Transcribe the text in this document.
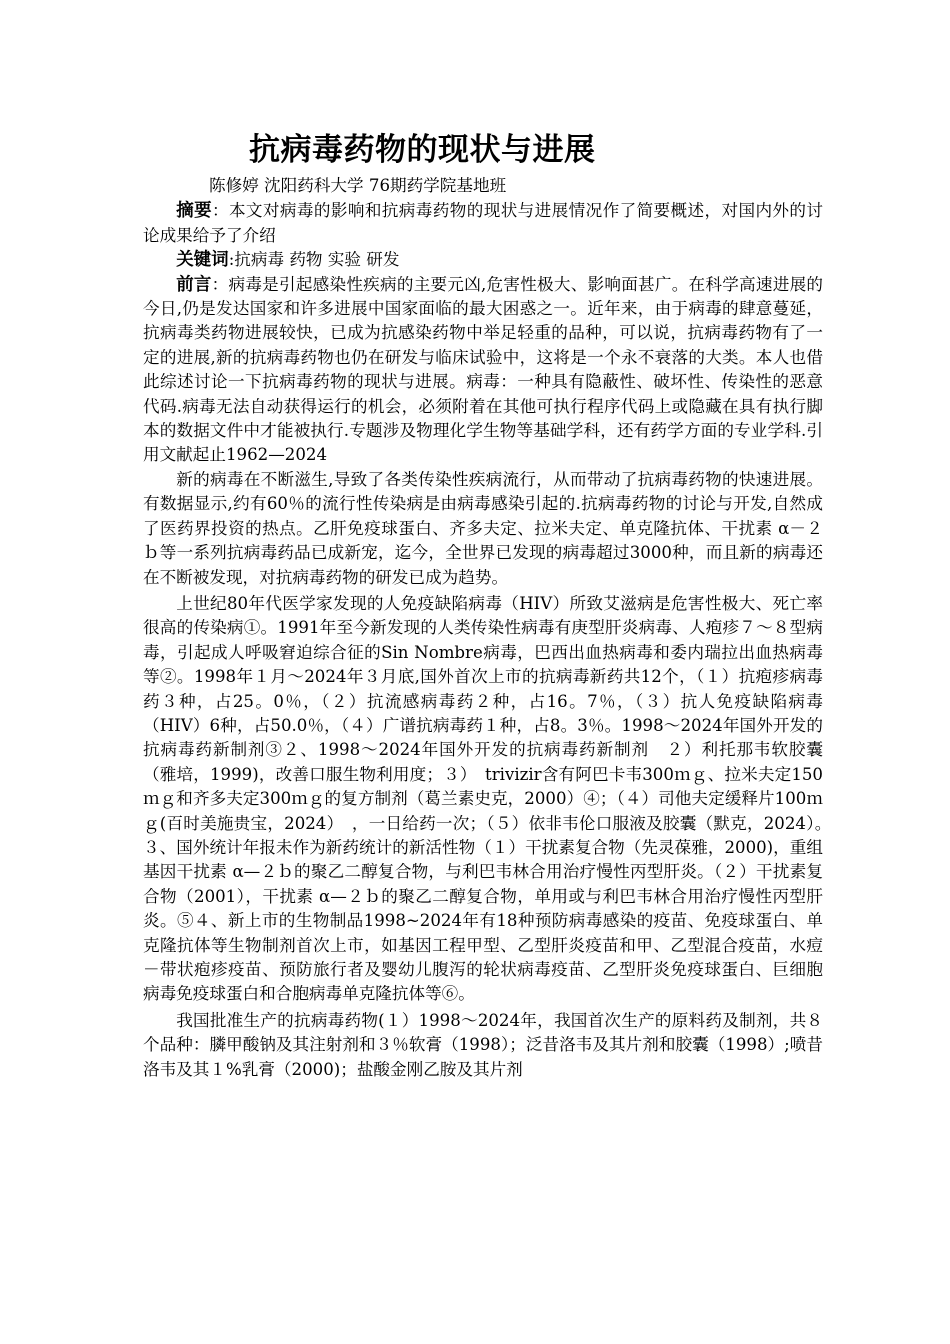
抗病毒药物的现状与进展
陈修婷 沈阳药科大学 76期药学院基地班

摘要：本文对病毒的影响和抗病毒药物的现状与进展情况作了简要概述，对国内外的讨论成果给予了介绍

关键词:抗病毒 药物 实验 研发

前言：病毒是引起感染性疾病的主要元凶,危害性极大、影响面甚广。在科学高速进展的今日,仍是发达国家和许多进展中国家面临的最大困惑之一。近年来，由于病毒的肆意蔓延，抗病毒类药物进展较快，已成为抗感染药物中举足轻重的品种，可以说，抗病毒药物有了一定的进展,新的抗病毒药物也仍在研发与临床试验中，这将是一个永不衰落的大类。本人也借此综述讨论一下抗病毒药物的现状与进展。病毒：一种具有隐蔽性、破坏性、传染性的恶意代码.病毒无法自动获得运行的机会，必须附着在其他可执行程序代码上或隐藏在具有执行脚本的数据文件中才能被执行.专题涉及物理化学生物等基础学科，还有药学方面的专业学科.引用文献起止1962—2024

新的病毒在不断滋生,导致了各类传染性疾病流行，从而带动了抗病毒药物的快速进展。有数据显示,约有60％的流行性传染病是由病毒感染引起的.抗病毒药物的讨论与开发,自然成了医药界投资的热点。乙肝免疫球蛋白、齐多夫定、拉米夫定、单克隆抗体、干扰素 α－２ｂ等一系列抗病毒药品已成新宠，迄今，全世界已发现的病毒超过3000种，而且新的病毒还在不断被发现，对抗病毒药物的研发已成为趋势。

上世纪80年代医学家发现的人免疫缺陷病毒（HIV）所致艾滋病是危害性极大、死亡率很高的传染病①。1991年至今新发现的人类传染性病毒有庚型肝炎病毒、人疱疹７～８型病毒，引起成人呼吸窘迫综合征的Sin Nombre病毒，巴西出血热病毒和委内瑞拉出血热病毒等②。1998年１月～2024年３月底,国外首次上市的抗病毒新药共12个，（１）抗疱疹病毒药３种，占25。0％，（２）抗流感病毒药２种，占16。7％，（３）抗人免疫缺陷病毒（HIV）6种，占50.0％，（４）广谱抗病毒药１种，占8。3％。1998～2024年国外开发的抗病毒药新制剂③２、1998～2024年国外开发的抗病毒药新制剂　２）利托那韦软胶囊（雅培，1999)，改善口服生物利用度；３）　trivizir含有阿巴卡韦300ｍｇ、拉米夫定150ｍｇ和齐多夫定300ｍｇ的复方制剂（葛兰素史克，2000）④；（４）司他夫定缓释片100ｍｇ(百时美施贵宝，2024）　，一日给药一次；（５）依非韦伦口服液及胶囊（默克，2024）。　３、国外统计年报未作为新药统计的新活性物（１）干扰素复合物（先灵葆雅，2000)，重组基因干扰素 α—２ｂ的聚乙二醇复合物，与利巴韦林合用治疗慢性丙型肝炎。（２）干扰素复合物（2001），干扰素 α—２ｂ的聚乙二醇复合物，单用或与利巴韦林合用治疗慢性丙型肝炎。⑤４、新上市的生物制品1998~2024年有18种预防病毒感染的疫苗、免疫球蛋白、单克隆抗体等生物制剂首次上市，如基因工程甲型、乙型肝炎疫苗和甲、乙型混合疫苗，水痘－带状疱疹疫苗、预防旅行者及婴幼儿腹泻的轮状病毒疫苗、乙型肝炎免疫球蛋白、巨细胞病毒免疫球蛋白和合胞病毒单克隆抗体等⑥。

我国批准生产的抗病毒药物(１）1998～2024年，我国首次生产的原料药及制剂，共８个品种：膦甲酸钠及其注射剂和３％软膏（1998）；泛昔洛韦及其片剂和胶囊（1998）;喷昔洛韦及其１%乳膏（2000)；盐酸金刚乙胺及其片剂
